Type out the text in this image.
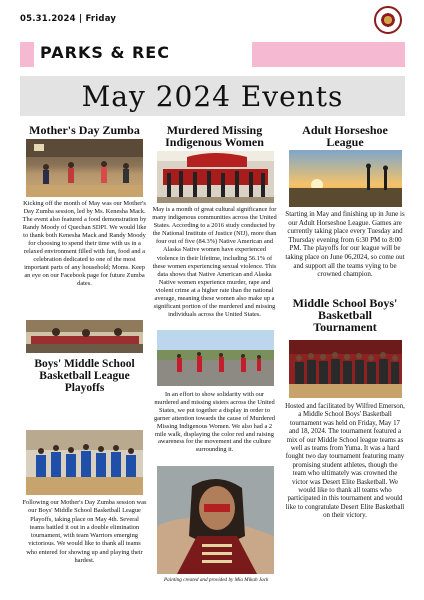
05.31.2024 | Friday
PARKS & REC
May 2024 Events
Mother's Day Zumba
Kicking off the month of May was our Mother's Day Zumba session, led by Ms. Kenesha Mack. The event also featured a food demonstration by Randy Moody of Quechan SDPI. We would like to thank both Kenesha Mack and Randy Moody for choosing to spend their time with us in a relaxed environment filled with fun, food and a celebration dedicated to one of the most important parts of any household; Moms. Keep an eye on our Facebook page for future Zumba dates.
Boys' Middle School Basketball League Playoffs
Following our Mother's Day Zumba session was our Boys' Middle School Basketball League Playoffs, taking place on May 4th. Several teams battled it out in a double elimination tournament, with team Warriors emerging victorious. We would like to thank all teams who entered for showing up and playing their hardest.
Murdered Missing Indigenous Women
May is a month of great cultural significance for many indigenous communities across the United States. According to a 2016 study conducted by the National Institute of Justice (NIJ), more than four out of five (84.3%) Native American and Alaska Native women have experienced violence in their lifetime, including 56.1% of these women experiencing sexual violence. This data shows that Native American and Alaska Native women experience murder, rape and violent crime at a higher rate than the national average, meaning these women also make up a significant portion of the murdered and missing individuals across the United States.
In an effort to show solidarity with our murdered and missing sisters across the United States, we put together a display in order to garner attention towards the cause of Murdered Missing Indigenous Women. We also had a 2 mile walk, displaying the color red and raising awareness for the movement and the culture surrounding it.
Painting created and provided by Mia Mikah Jack
Adult Horseshoe League
Starting in May and finishing up in June is our Adult Horseshoe League. Games are currently taking place every Tuesday and Thursday evening from 6:30 PM to 8:00 PM. The playoffs for our league will be taking place on June 06,2024, so come out and support all the teams vying to be crowned champion.
Middle School Boys' Basketball Tournament
Hosted and facilitated by Wilfred Emerson, a Middle School Boys' Basketball tournament was held on Friday, May 17 and 18, 2024. The tournament featured a mix of our Middle School league teams as well as teams from Yuma. It was a hard fought two day tournament featuring many promising student athletes, though the team who ultimately was crowned the victor was Desert Elite Basketball. We would like to thank all teams who participated in this tournament and would like to congratulate Desert Elite Basketball on their victory.
